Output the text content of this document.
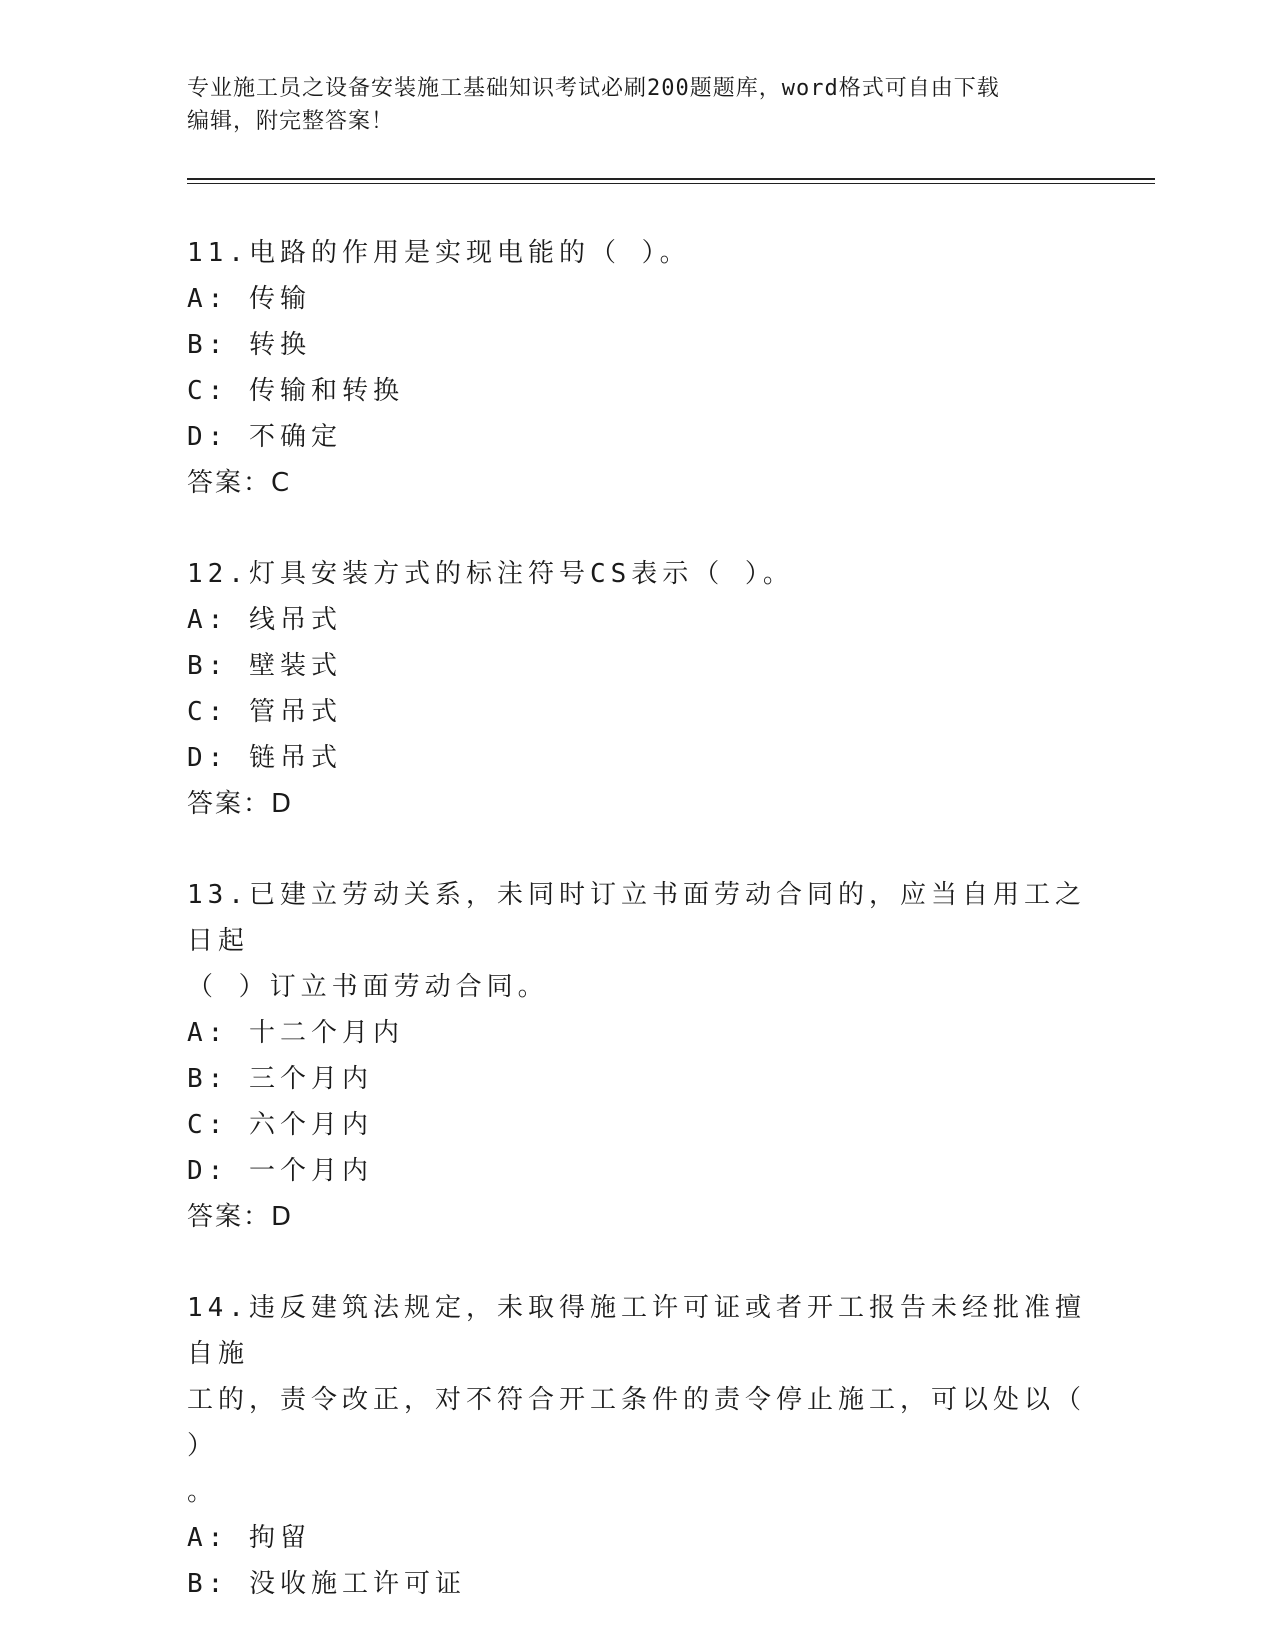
专业施工员之设备安装施工基础知识考试必刷200题题库，word格式可自由下载
编辑，附完整答案！
11.电路的作用是实现电能的（ ）。
A: 传输
B: 转换
C: 传输和转换
D: 不确定
答案：C
12.灯具安装方式的标注符号CS表示（ ）。
A: 线吊式
B: 壁装式
C: 管吊式
D: 链吊式
答案：D
13.已建立劳动关系，未同时订立书面劳动合同的，应当自用工之日起
（ ）订立书面劳动合同。
A: 十二个月内
B: 三个月内
C: 六个月内
D: 一个月内
答案：D
14.违反建筑法规定，未取得施工许可证或者开工报告未经批准擅自施
工的，责令改正，对不符合开工条件的责令停止施工，可以处以（ ）
。
A: 拘留
B: 没收施工许可证
